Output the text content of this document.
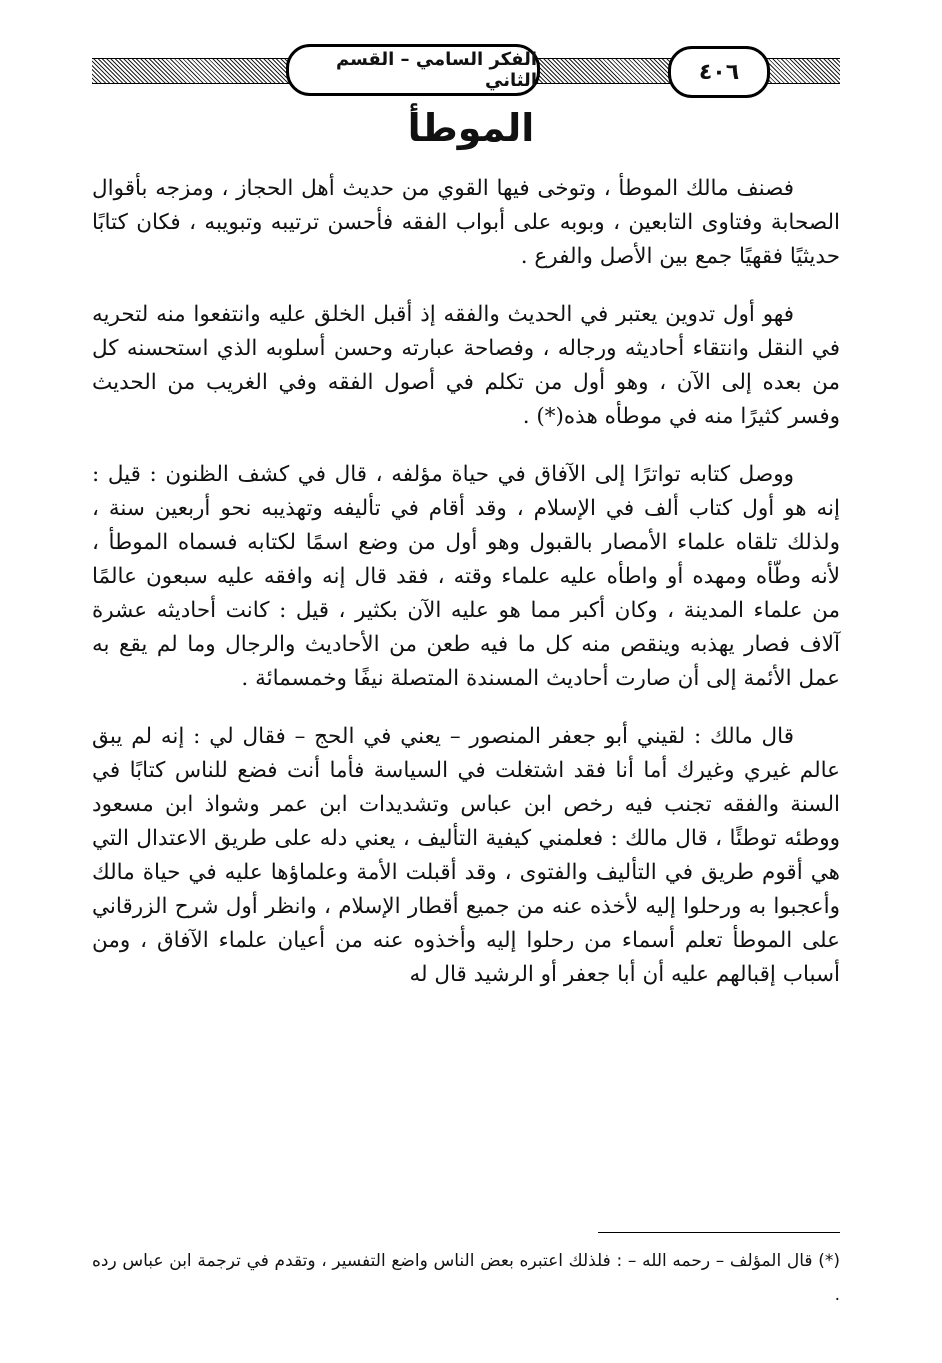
الفكر السامي – القسم الثاني	٤٠٦
الموطأ

فصنف مالك الموطأ ، وتوخى فيها القوي من حديث أهل الحجاز ، ومزجه بأقوال الصحابة وفتاوى التابعين ، وبوبه على أبواب الفقه فأحسن ترتيبه وتبويبه ، فكان كتابًا حديثيًا فقهيًا جمع بين الأصل والفرع .

فهو أول تدوين يعتبر في الحديث والفقه إذ أقبل الخلق عليه وانتفعوا منه لتحريه في النقل وانتقاء أحاديثه ورجاله ، وفصاحة عبارته وحسن أسلوبه الذي استحسنه كل من بعده إلى الآن ، وهو أول من تكلم في أصول الفقه وفي الغريب من الحديث وفسر كثيرًا منه في موطأه هذه(*) .

ووصل كتابه تواترًا إلى الآفاق في حياة مؤلفه ، قال في كشف الظنون : قيل : إنه هو أول كتاب ألف في الإسلام ، وقد أقام في تأليفه وتهذيبه نحو أربعين سنة ، ولذلك تلقاه علماء الأمصار بالقبول وهو أول من وضع اسمًا لكتابه فسماه الموطأ ، لأنه وطّأه ومهده أو واطأه عليه علماء وقته ، فقد قال إنه وافقه عليه سبعون عالمًا من علماء المدينة ، وكان أكبر مما هو عليه الآن بكثير ، قيل : كانت أحاديثه عشرة آلاف فصار يهذبه وينقص منه كل ما فيه طعن من الأحاديث والرجال وما لم يقع به عمل الأئمة إلى أن صارت أحاديث المسندة المتصلة نيفًا وخمسمائة .

قال مالك : لقيني أبو جعفر المنصور – يعني في الحج – فقال لي : إنه لم يبق عالم غيري وغيرك أما أنا فقد اشتغلت في السياسة فأما أنت فضع للناس كتابًا في السنة والفقه تجنب فيه رخص ابن عباس وتشديدات ابن عمر وشواذ ابن مسعود ووطئه توطئًا ، قال مالك : فعلمني كيفية التأليف ، يعني دله على طريق الاعتدال التي هي أقوم طريق في التأليف والفتوى ، وقد أقبلت الأمة وعلماؤها عليه في حياة مالك وأعجبوا به ورحلوا إليه لأخذه عنه من جميع أقطار الإسلام ، وانظر أول شرح الزرقاني على الموطأ تعلم أسماء من رحلوا إليه وأخذوه عنه من أعيان علماء الآفاق ، ومن أسباب إقبالهم عليه أن أبا جعفر أو الرشيد قال له

(*) قال المؤلف – رحمه الله – : فلذلك اعتبره بعض الناس واضع التفسير ، وتقدم في ترجمة ابن عباس رده .
